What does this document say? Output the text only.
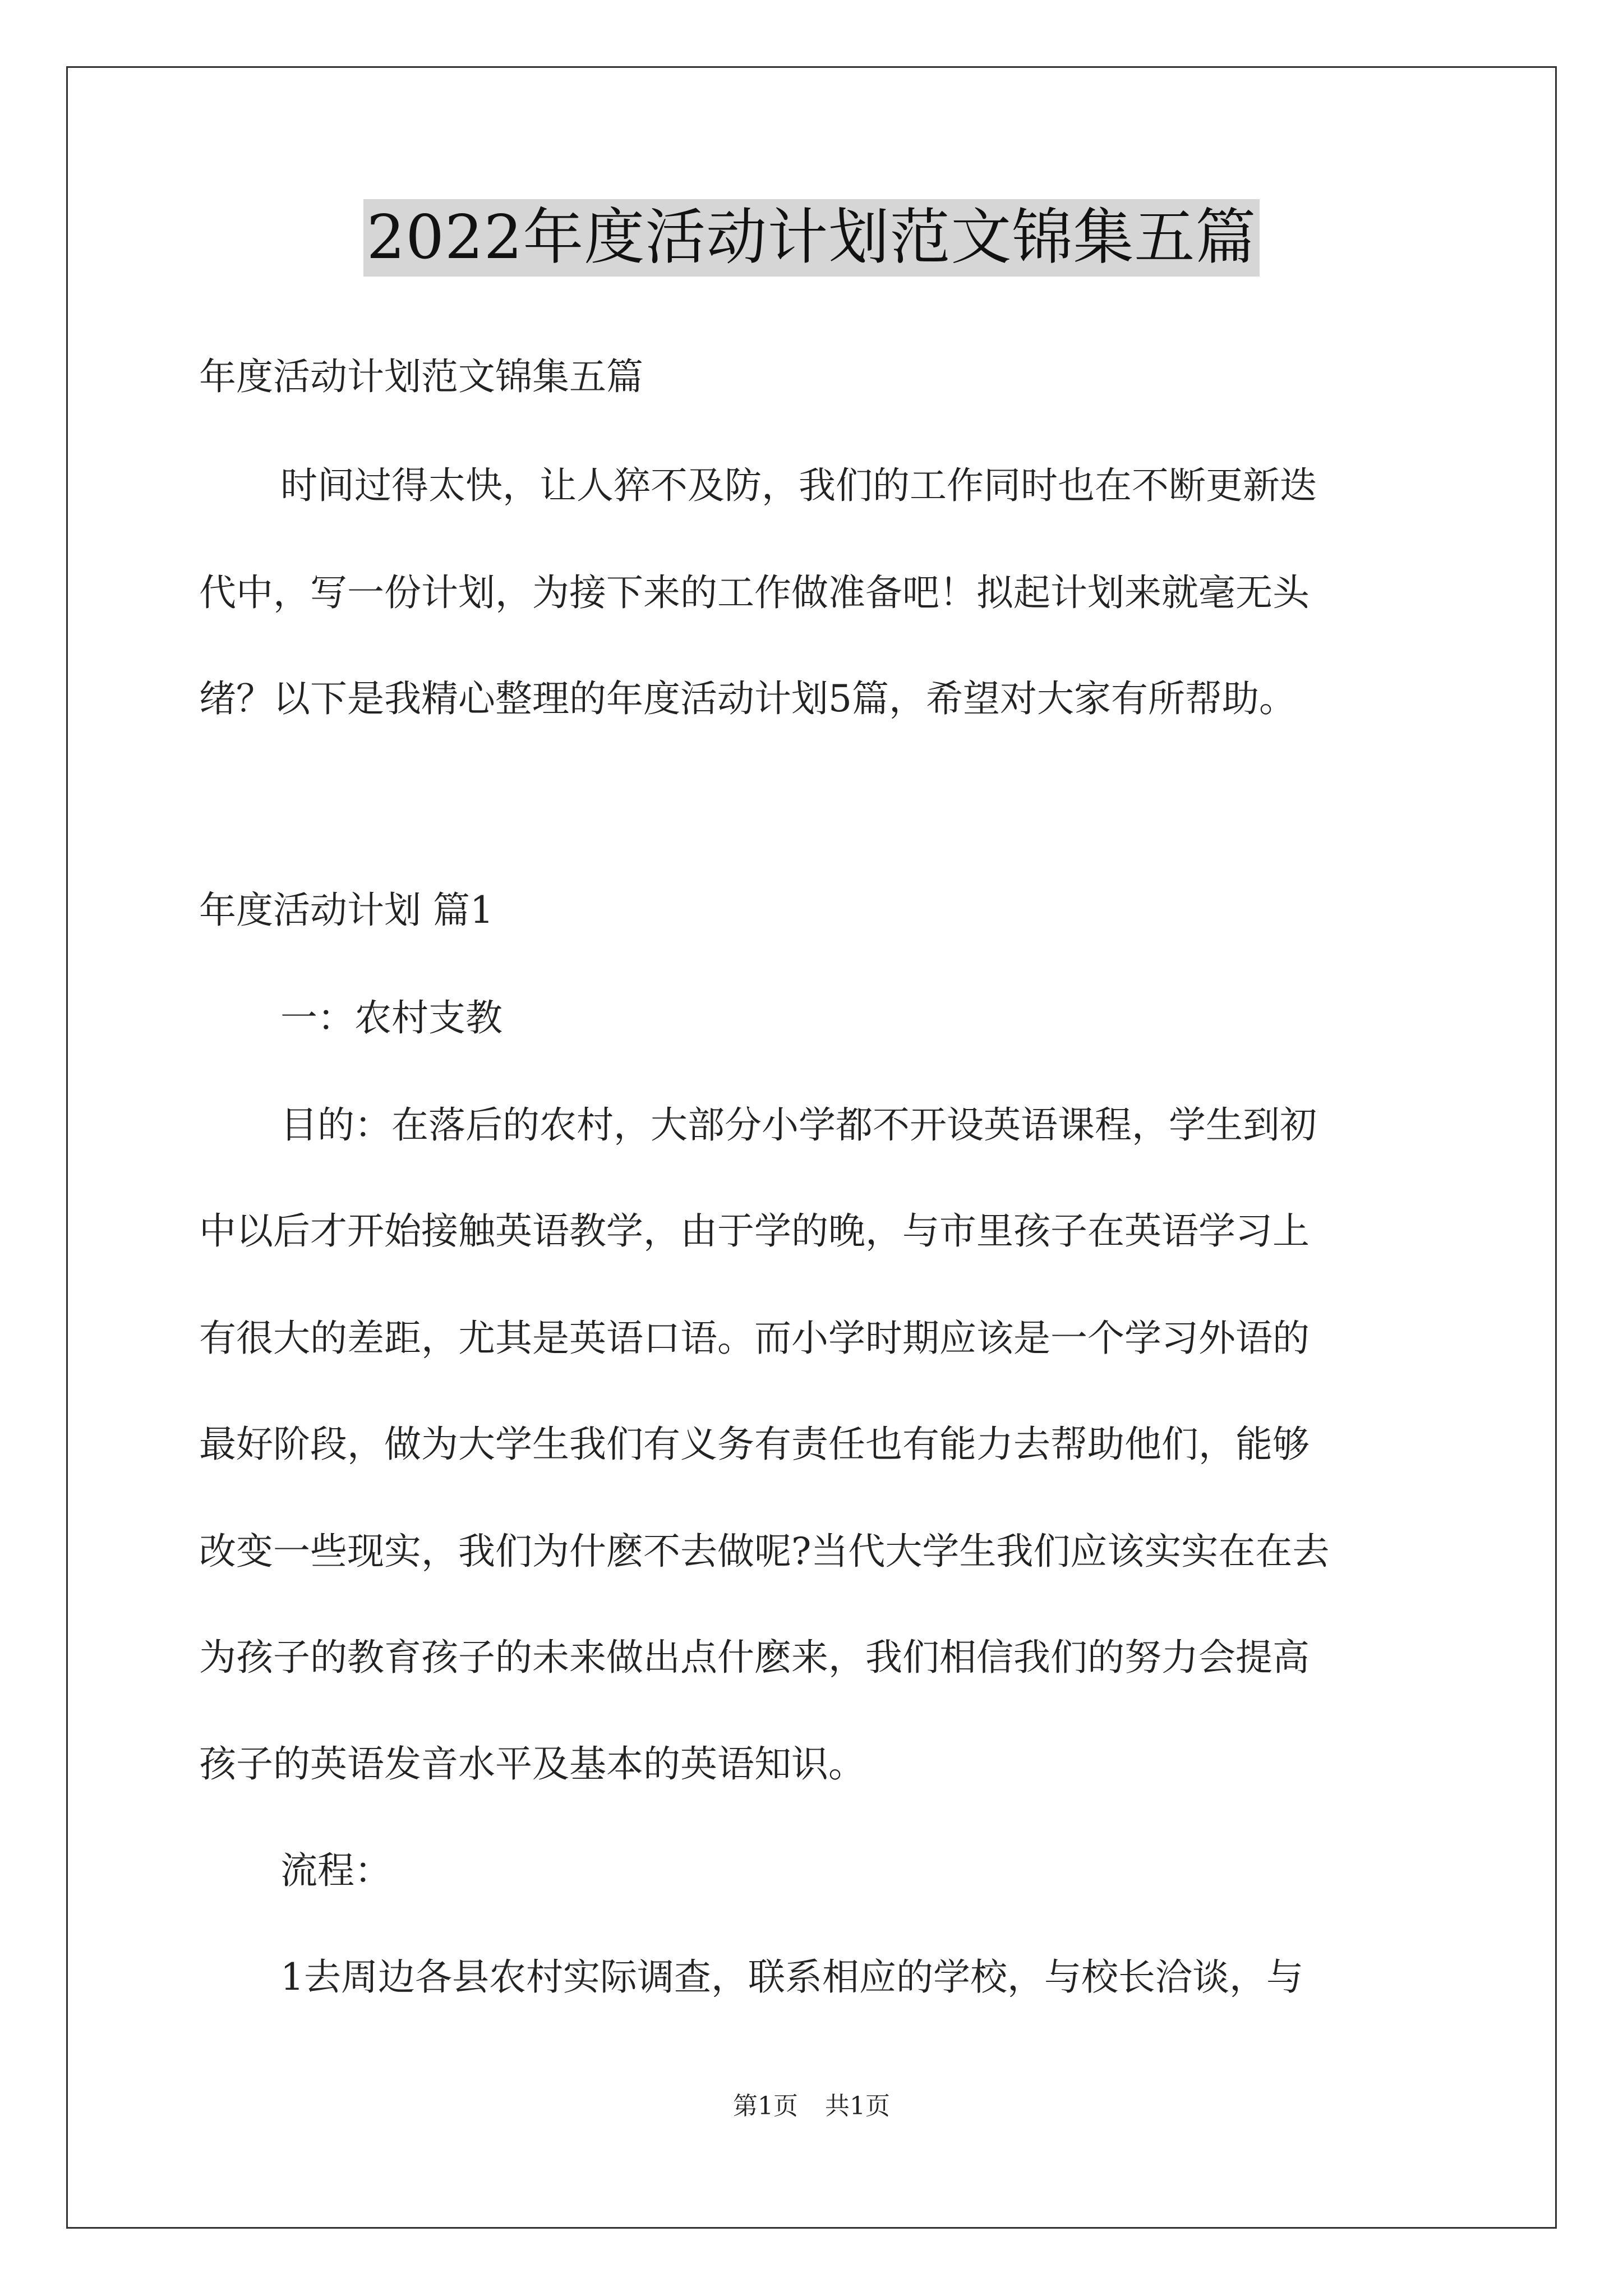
2022年度活动计划范文锦集五篇
年度活动计划范文锦集五篇
时间过得太快，让人猝不及防，我们的工作同时也在不断更新迭
代中，写一份计划，为接下来的工作做准备吧！拟起计划来就毫无头
绪？以下是我精心整理的年度活动计划5篇，希望对大家有所帮助。
年度活动计划 篇1
一：农村支教
目的：在落后的农村，大部分小学都不开设英语课程，学生到初
中以后才开始接触英语教学，由于学的晚，与市里孩子在英语学习上
有很大的差距，尤其是英语口语。而小学时期应该是一个学习外语的
最好阶段，做为大学生我们有义务有责任也有能力去帮助他们，能够
改变一些现实，我们为什麽不去做呢?当代大学生我们应该实实在在去
为孩子的教育孩子的未来做出点什麽来，我们相信我们的努力会提高
孩子的英语发音水平及基本的英语知识。
流程：
1去周边各县农村实际调查，联系相应的学校，与校长洽谈，与
第1页 共1页
